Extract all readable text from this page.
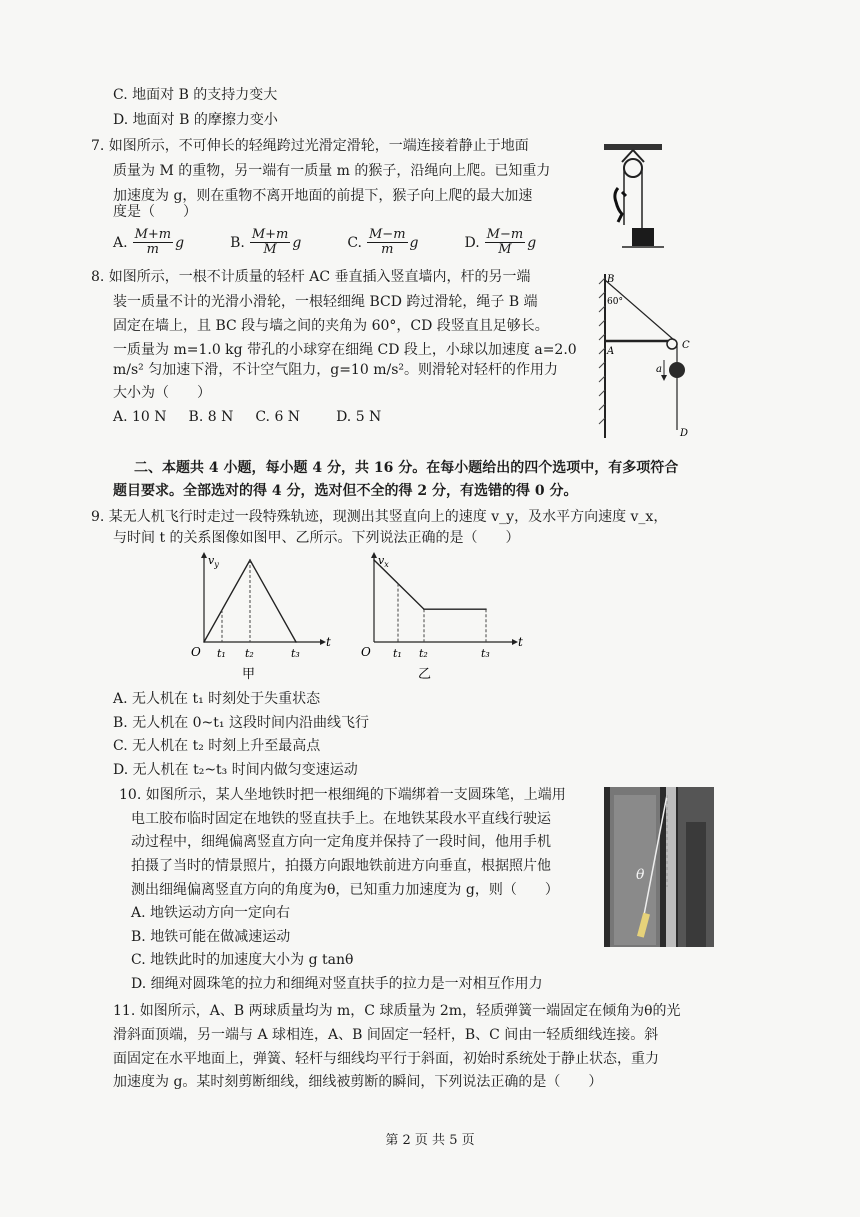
C. 地面对 B 的支持力变大
D. 地面对 B 的摩擦力变小
7. 如图所示，不可伸长的轻绳跨过光滑定滑轮，一端连接着静止于地面
质量为 M 的重物，另一端有一质量 m 的猴子，沿绳向上爬。已知重力
加速度为 g，则在重物不离开地面的前提下，猴子向上爬的最大加速
度是（　　）
A. $\frac{M+m}{m}$ g	B. $\frac{M+m}{M}$ g	C. $\frac{M-m}{m}$ g	D. $\frac{M-m}{M}$ g
8. 如图所示，一根不计质量的轻杆 AC 垂直插入竖直墙内，杆的另一端
装一质量不计的光滑小滑轮，一根轻细绳 BCD 跨过滑轮，绳子 B 端
固定在墙上，且 BC 段与墙之间的夹角为 60°，CD 段竖直且足够长。
一质量为 m=1.0 kg 带孔的小球穿在细绳 CD 段上，小球以加速度 a=2.0
m/s² 匀加速下滑，不计空气阻力，g=10 m/s²。则滑轮对轻杆的作用力
大小为（　　）
A. 10 N B. 8 N C. 6 N	D. 5 N
B
60°
A
C
a
D
二、本题共 4 小题，每小题 4 分，共 16 分。在每小题给出的四个选项中，有多项符合
题目要求。全部选对的得 4 分，选对但不全的得 2 分，有选错的得 0 分。
9. 某无人机飞行时走过一段特殊轨迹，现测出其竖直向上的速度 v_y，及水平方向速度 v_x，
与时间 t 的关系图像如图甲、乙所示。下列说法正确的是（　　）
$v_y$
t
O t₁ t₂	t₃
甲
$v_x$
t
O t₁ t₂	t₃
乙
A. 无人机在 t₁ 时刻处于失重状态
B. 无人机在 0~t₁ 这段时间内沿曲线飞行
C. 无人机在 t₂ 时刻上升至最高点
D. 无人机在 t₂~t₃ 时间内做匀变速运动
10. 如图所示，某人坐地铁时把一根细绳的下端绑着一支圆珠笔，上端用
电工胶布临时固定在地铁的竖直扶手上。在地铁某段水平直线行驶运
动过程中，细绳偏离竖直方向一定角度并保持了一段时间，他用手机
拍摄了当时的情景照片，拍摄方向跟地铁前进方向垂直，根据照片他
测出细绳偏离竖直方向的角度为θ，已知重力加速度为 g，则（　　）
A. 地铁运动方向一定向右
B. 地铁可能在做减速运动
C. 地铁此时的加速度大小为 g tanθ
D. 细绳对圆珠笔的拉力和细绳对竖直扶手的拉力是一对相互作用力
θ
11. 如图所示，A、B 两球质量均为 m，C 球质量为 2m，轻质弹簧一端固定在倾角为θ的光
滑斜面顶端，另一端与 A 球相连，A、B 间固定一轻杆，B、C 间由一轻质细线连接。斜
面固定在水平地面上，弹簧、轻杆与细线均平行于斜面，初始时系统处于静止状态，重力
加速度为 g。某时刻剪断细线，细线被剪断的瞬间，下列说法正确的是（　　）
第 2 页 共 5 页
